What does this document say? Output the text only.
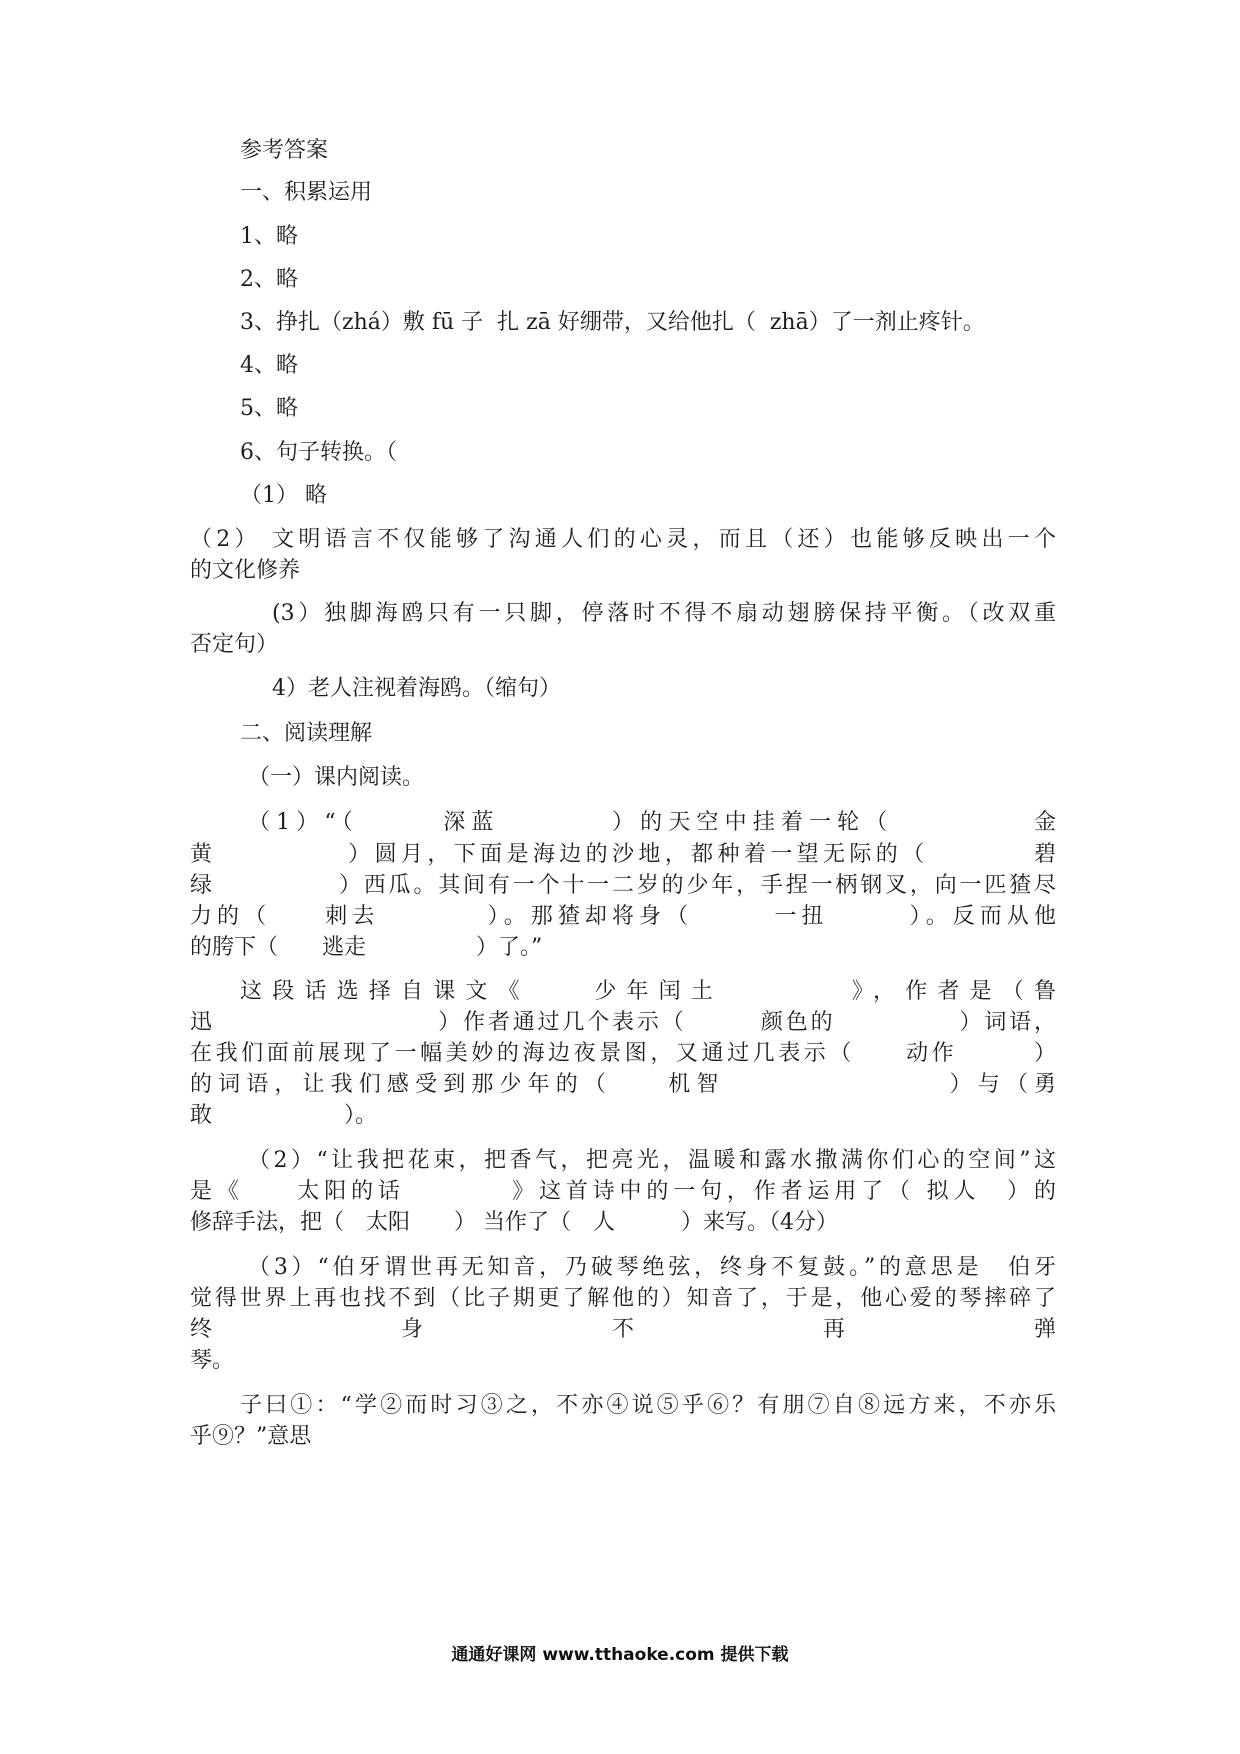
参考答案
一、积累运用
1、略
2、略
3、挣扎（zhá）敷 fū 子  扎 zā 好绷带，又给他扎（  zhā）了一剂止疼针。
4、略
5、略
6、句子转换。（
（1） 略
（2） 文明语言不仅能够了沟通人们的心灵，而且（还）也能够反映出一个
的文化修养
(3）独脚海鸥只有一只脚，停落时不得不扇动翅膀保持平衡。（改双重
否定句）
4）老人注视着海鸥。（缩句）
二、阅读理解
（一）课内阅读。
（1）“（　　　深蓝　　　　）的天空中挂着一轮（　　　　　金
黄　　　　　）圆月，下面是海边的沙地，都种着一望无际的（　　　　碧
绿　　　　　）西瓜。其间有一个十一二岁的少年，手捏一柄钢叉，向一匹猹尽
力的（　　刺去　　　　）。那猹却将身（　　　一扭　　　）。反而从他
的胯下（　　逃走　　　　　）了。”
这段话选择自课文《　　少年闰土　　　　》，作者是（鲁
迅　　　　　　　　　）作者通过几个表示（　　　颜色的　　　　　）词语，
在我们面前展现了一幅美妙的海边夜景图，又通过几表示（　　动作　　　）
的词语，让我们感受到那少年的（　　机智　　　　　　　　）与（勇
敢　　　　　　）。
（2）“让我把花束，把香气，把亮光，温暖和露水撒满你们心的空间”这
是《　　太阳的话　　　　》这首诗中的一句，作者运用了（ 拟人　）的
修辞手法，把（　太阳　　） 当作了（　人　　　）来写。（4分）
（3）“伯牙谓世再无知音，乃破琴绝弦，终身不复鼓。”的意思是　伯牙
觉得世界上再也找不到（比子期更了解他的）知音了，于是，他心爱的琴摔碎了
终　　　　身　　　　不　　　　再　　　　弹
琴。
子曰①：“学②而时习③之，不亦④说⑤乎⑥？有朋⑦自⑧远方来，不亦乐
乎⑨？”意思
通通好课网 www.tthaoke.com 提供下载
